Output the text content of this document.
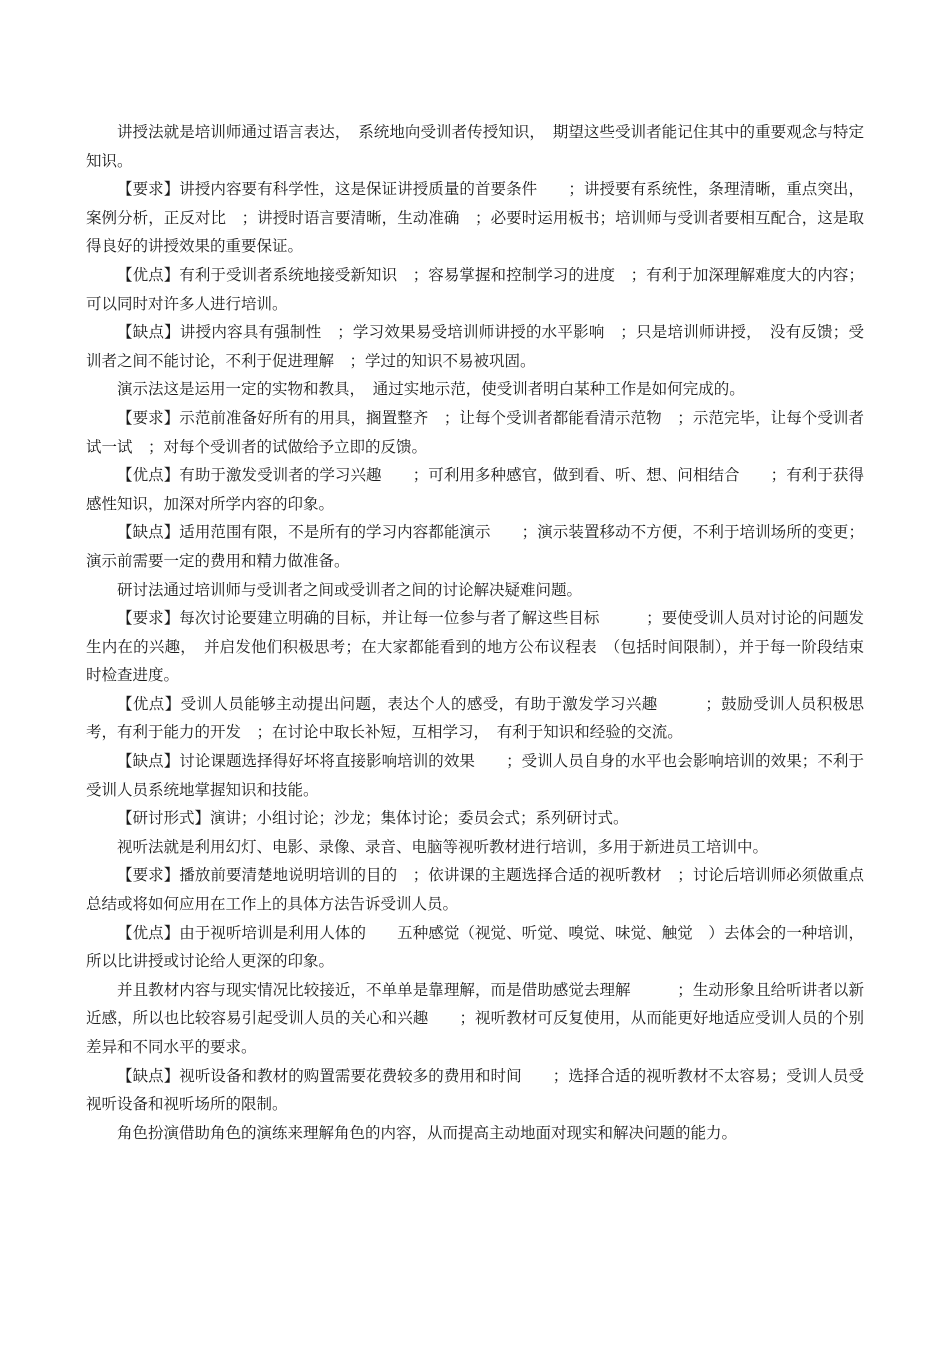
讲授法就是培训师通过语言表达，　系统地向受训者传授知识，　期望这些受训者能记住其中的重要观念与特定知识。

【要求】讲授内容要有科学性，这是保证讲授质量的首要条件　　；讲授要有系统性，条理清晰，重点突出，案例分析，正反对比　；讲授时语言要清晰，生动准确　；必要时运用板书；培训师与受训者要相互配合，这是取得良好的讲授效果的重要保证。

【优点】有利于受训者系统地接受新知识　；容易掌握和控制学习的进度　；有利于加深理解难度大的内容；可以同时对许多人进行培训。

【缺点】讲授内容具有强制性　；学习效果易受培训师讲授的水平影响　；只是培训师讲授，　没有反馈；受训者之间不能讨论，不利于促进理解　；学过的知识不易被巩固。

演示法这是运用一定的实物和教具，　通过实地示范，使受训者明白某种工作是如何完成的。

【要求】示范前准备好所有的用具，搁置整齐　；让每个受训者都能看清示范物　；示范完毕，让每个受训者试一试　；对每个受训者的试做给予立即的反馈。

【优点】有助于激发受训者的学习兴趣　　；可利用多种感官，做到看、听、想、问相结合　　；有利于获得　感性知识，加深对所学内容的印象。

【缺点】适用范围有限，不是所有的学习内容都能演示　　；演示装置移动不方便，不利于培训场所的变更；演示前需要一定的费用和精力做准备。

研讨法通过培训师与受训者之间或受训者之间的讨论解决疑难问题。

【要求】每次讨论要建立明确的目标，并让每一位参与者了解这些目标　　　；要使受训人员对讨论的问题发生内在的兴趣，　并启发他们积极思考；在大家都能看到的地方公布议程表　（包括时间限制），并于每一阶段结束时检查进度。

【优点】受训人员能够主动提出问题，表达个人的感受，有助于激发学习兴趣　　　；鼓励受训人员积极思考，有利于能力的开发　；在讨论中取长补短，互相学习，　有利于知识和经验的交流。

【缺点】讨论课题选择得好坏将直接影响培训的效果　　；受训人员自身的水平也会影响培训的效果；不利于受训人员系统地掌握知识和技能。

【研讨形式】演讲；小组讨论；沙龙；集体讨论；委员会式；系列研讨式。

视听法就是利用幻灯、电影、录像、录音、电脑等视听教材进行培训，多用于新进员工培训中。

【要求】播放前要清楚地说明培训的目的　；依讲课的主题选择合适的视听教材　；讨论后培训师必须做重点总结或将如何应用在工作上的具体方法告诉受训人员。

【优点】由于视听培训是利用人体的　　五种感觉（视觉、听觉、嗅觉、味觉、触觉　）去体会的一种培训，所以比讲授或讨论给人更深的印象。

并且教材内容与现实情况比较接近，不单单是靠理解，而是借助感觉去理解　　　；生动形象且给听讲者以新近感，所以也比较容易引起受训人员的关心和兴趣　　；视听教材可反复使用，从而能更好地适应受训人员的个别差异和不同水平的要求。

【缺点】视听设备和教材的购置需要花费较多的费用和时间　　；选择合适的视听教材不太容易；受训人员受视听设备和视听场所的限制。

角色扮演借助角色的演练来理解角色的内容，从而提高主动地面对现实和解决问题的能力。
